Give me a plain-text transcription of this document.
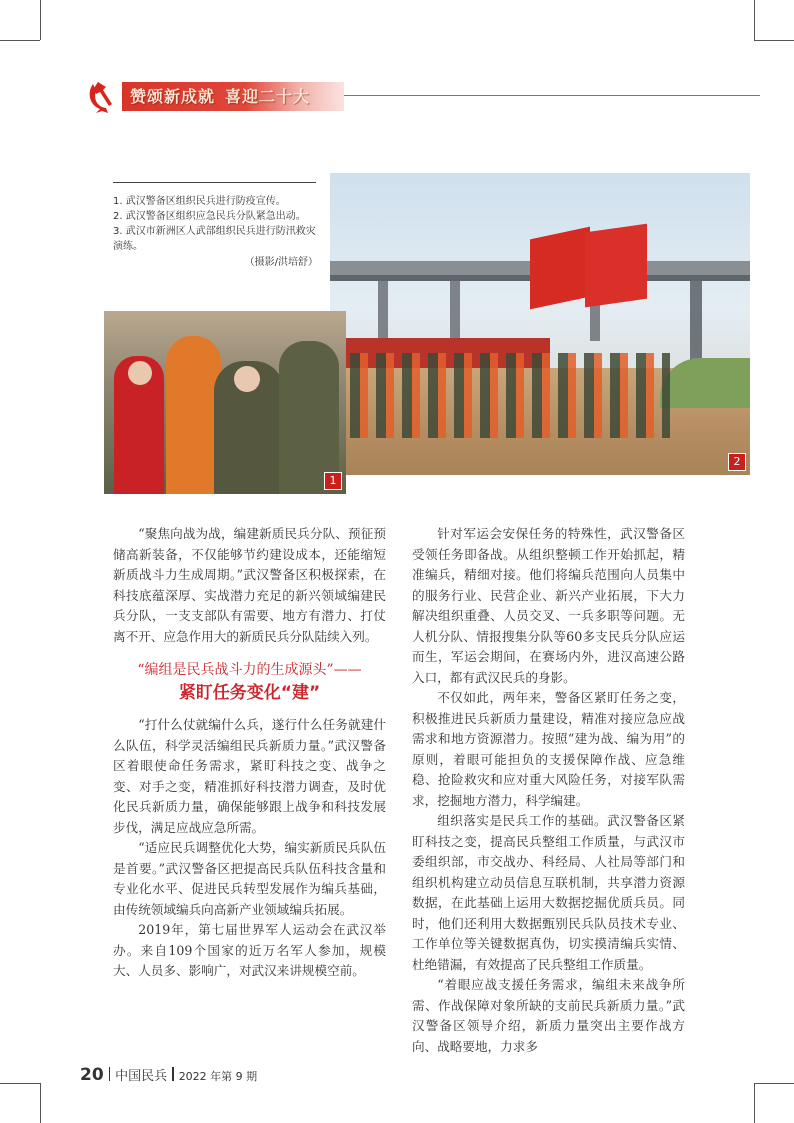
赞颂新成就 喜迎二十大
1. 武汉警备区组织民兵进行防疫宣传。
2. 武汉警备区组织应急民兵分队紧急出动。
3. 武汉市新洲区人武部组织民兵进行防汛救灾演练。
（摄影/洪培舒）
2
1

“聚焦向战为战，编建新质民兵分队、预征预储高新装备，不仅能够节约建设成本，还能缩短新质战斗力生成周期。”武汉警备区积极探索，在科技底蕴深厚、实战潜力充足的新兴领域编建民兵分队，一支支部队有需要、地方有潜力、打仗离不开、应急作用大的新质民兵分队陆续入列。

“编组是民兵战斗力的生成源头”——
紧盯任务变化“建”

“打什么仗就编什么兵，遂行什么任务就建什么队伍，科学灵活编组民兵新质力量。”武汉警备区着眼使命任务需求，紧盯科技之变、战争之变、对手之变，精准抓好科技潜力调查，及时优化民兵新质力量，确保能够跟上战争和科技发展步伐，满足应战应急所需。

“适应民兵调整优化大势，编实新质民兵队伍是首要。”武汉警备区把提高民兵队伍科技含量和专业化水平、促进民兵转型发展作为编兵基础，由传统领域编兵向高新产业领域编兵拓展。

2019年，第七届世界军人运动会在武汉举办。来自109个国家的近万名军人参加，规模大、人员多、影响广，对武汉来讲规模空前。

针对军运会安保任务的特殊性，武汉警备区受领任务即备战。从组织整顿工作开始抓起，精准编兵，精细对接。他们将编兵范围向人员集中的服务行业、民营企业、新兴产业拓展，下大力解决组织重叠、人员交叉、一兵多职等问题。无人机分队、情报搜集分队等60多支民兵分队应运而生，军运会期间，在赛场内外，进汉高速公路入口，都有武汉民兵的身影。

不仅如此，两年来，警备区紧盯任务之变，积极推进民兵新质力量建设，精准对接应急应战需求和地方资源潜力。按照“建为战、编为用”的原则，着眼可能担负的支援保障作战、应急维稳、抢险救灾和应对重大风险任务，对接军队需求，挖掘地方潜力，科学编建。

组织落实是民兵工作的基础。武汉警备区紧盯科技之变，提高民兵整组工作质量，与武汉市委组织部，市交战办、科经局、人社局等部门和组织机构建立动员信息互联机制，共享潜力资源数据，在此基础上运用大数据挖掘优质兵员。同时，他们还利用大数据甄别民兵队员技术专业、工作单位等关键数据真伪，切实摸清编兵实情、杜绝错漏，有效提高了民兵整组工作质量。

“着眼应战支援任务需求，编组未来战争所需、作战保障对象所缺的支前民兵新质力量。”武汉警备区领导介绍，新质力量突出主要作战方向、战略要地，力求多

20 中国民兵 2022 年第 9 期
